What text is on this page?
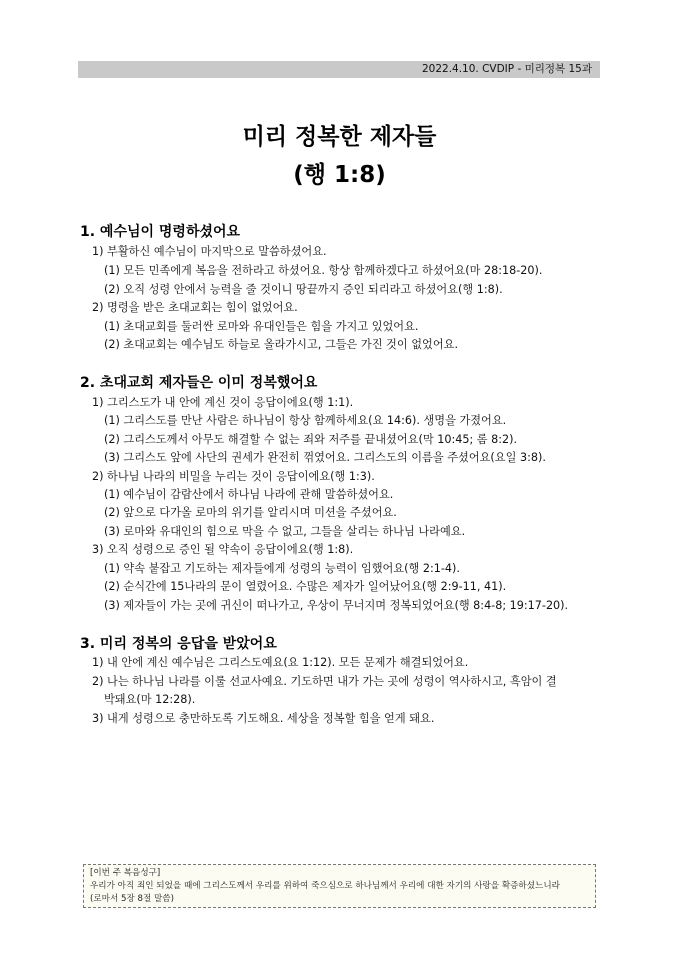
2022.4.10. CVDIP - 미리정복 15과
미리 정복한 제자들
(행 1:8)
1. 예수님이 명령하셨어요
1) 부활하신 예수님이 마지막으로 말씀하셨어요.
(1) 모든 민족에게 복음을 전하라고 하셨어요. 항상 함께하겠다고 하셨어요(마 28:18-20).
(2) 오직 성령 안에서 능력을 줄 것이니 땅끝까지 증인 되리라고 하셨어요(행 1:8).
2) 명령을 받은 초대교회는 힘이 없었어요.
(1) 초대교회를 둘러싼 로마와 유대인들은 힘을 가지고 있었어요.
(2) 초대교회는 예수님도 하늘로 올라가시고, 그들은 가진 것이 없었어요.
2. 초대교회 제자들은 이미 정복했어요
1) 그리스도가 내 안에 계신 것이 응답이에요(행 1:1).
(1) 그리스도를 만난 사람은 하나님이 항상 함께하세요(요 14:6). 생명을 가졌어요.
(2) 그리스도께서 아무도 해결할 수 없는 죄와 저주를 끝내셨어요(막 10:45; 롬 8:2).
(3) 그리스도 앞에 사단의 권세가 완전히 꺾였어요. 그리스도의 이름을 주셨어요(요일 3:8).
2) 하나님 나라의 비밀을 누리는 것이 응답이에요(행 1:3).
(1) 예수님이 감람산에서 하나님 나라에 관해 말씀하셨어요.
(2) 앞으로 다가올 로마의 위기를 알리시며 미션을 주셨어요.
(3) 로마와 유대인의 힘으로 막을 수 없고, 그들을 살리는 하나님 나라예요.
3) 오직 성령으로 증인 될 약속이 응답이에요(행 1:8).
(1) 약속 붙잡고 기도하는 제자들에게 성령의 능력이 임했어요(행 2:1-4).
(2) 순식간에 15나라의 문이 열렸어요. 수많은 제자가 일어났어요(행 2:9-11, 41).
(3) 제자들이 가는 곳에 귀신이 떠나가고, 우상이 무너지며 정복되었어요(행 8:4-8; 19:17-20).
3. 미리 정복의 응답을 받았어요
1) 내 안에 계신 예수님은 그리스도예요(요 1:12). 모든 문제가 해결되었어요.
2) 나는 하나님 나라를 이룰 선교사예요. 기도하면 내가 가는 곳에 성령이 역사하시고, 흑암이 결
박돼요(마 12:28).
3) 내게 성령으로 충만하도록 기도해요. 세상을 정복할 힘을 얻게 돼요.
[이번 주 복음성구]
우리가 아직 죄인 되었을 때에 그리스도께서 우리를 위하여 죽으심으로 하나님께서 우리에 대한 자기의 사랑을 확증하셨느니라
(로마서 5장 8절 말씀)
